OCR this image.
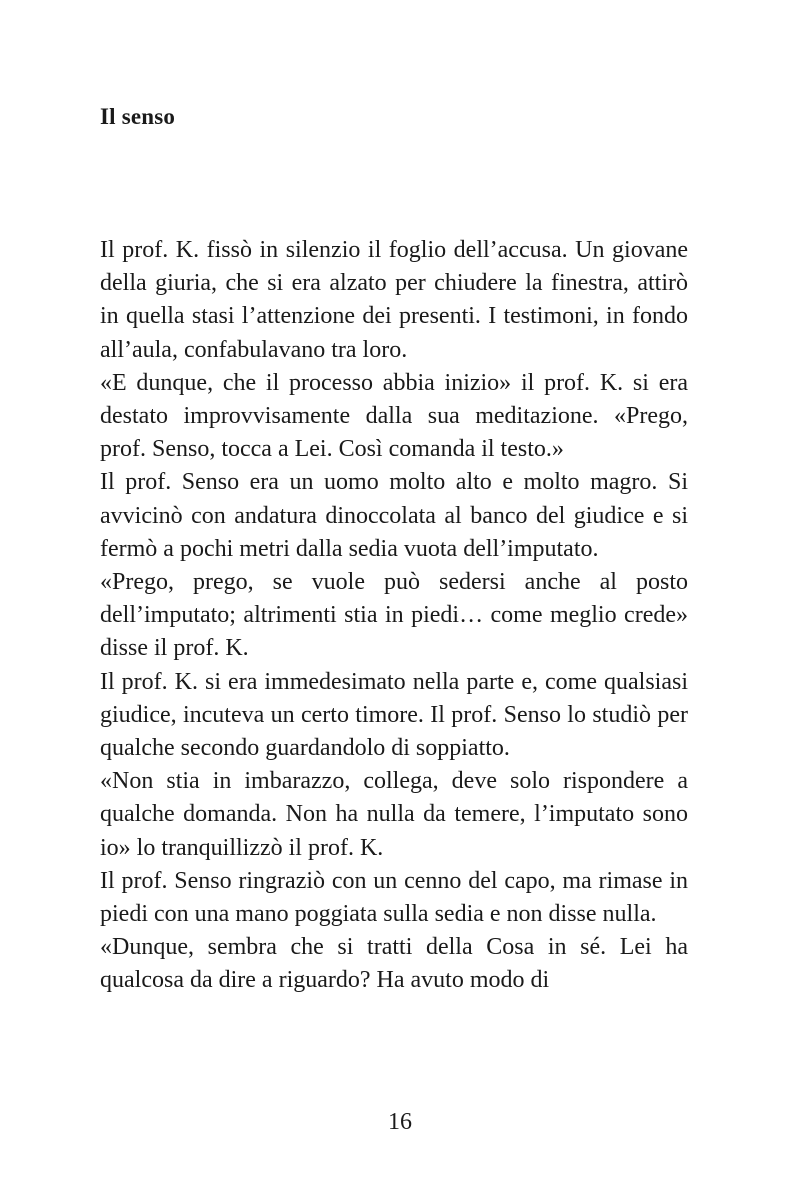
Il senso

Il prof. K. fissò in silenzio il foglio dell’accusa. Un giovane della giuria, che si era alzato per chiudere la finestra, attirò in quella stasi l’attenzione dei presenti. I testimoni, in fondo all’aula, confabulavano tra loro.

«E dunque, che il processo abbia inizio» il prof. K. si era destato improvvisamente dalla sua meditazione. «Prego, prof. Senso, tocca a Lei. Così comanda il testo.»

Il prof. Senso era un uomo molto alto e molto magro. Si avvicinò con andatura dinoccolata al banco del giudice e si fermò a pochi metri dalla sedia vuota dell’imputato.

«Prego, prego, se vuole può sedersi anche al posto dell’imputato; altrimenti stia in piedi… come meglio crede» disse il prof. K.

Il prof. K. si era immedesimato nella parte e, come qualsiasi giudice, incuteva un certo timore. Il prof. Senso lo studiò per qualche secondo guardandolo di soppiatto.

«Non stia in imbarazzo, collega, deve solo rispondere a qualche domanda. Non ha nulla da temere, l’imputato sono io» lo tranquillizzò il prof. K.

Il prof. Senso ringraziò con un cenno del capo, ma rimase in piedi con una mano poggiata sulla sedia e non disse nulla.

«Dunque, sembra che si tratti della Cosa in sé. Lei ha qualcosa da dire a riguardo? Ha avuto modo di

16
